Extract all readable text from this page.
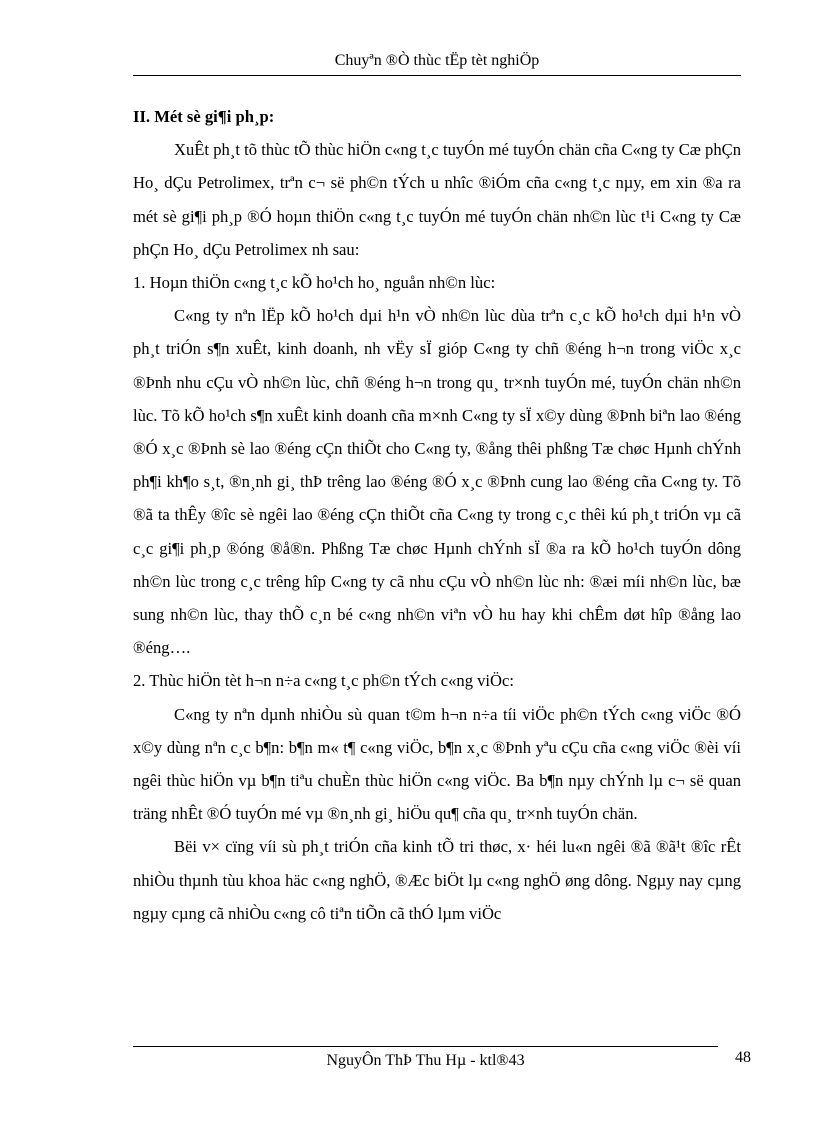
Chuyªn ®Ò thùc tËp tèt nghiÖp

II. Mét sè gi¶i ph¸p:

XuÊt ph¸t tõ thùc tÕ thùc hiÖn c«ng t¸c tuyÓn mé tuyÓn chän cña C«ng ty Cæ phÇn Ho¸ dÇu Petrolimex, trªn c¬ së ph©n tÝch u nhîc ®iÓm cña c«ng t¸c nµy, em xin ®a ra mét sè gi¶i ph¸p ®Ó hoµn thiÖn c«ng t¸c tuyÓn mé tuyÓn chän nh©n lùc t¹i C«ng ty Cæ phÇn Ho¸ dÇu Petrolimex nh sau:

1. Hoµn thiÖn c«ng t¸c kÕ ho¹ch ho¸ nguån nh©n lùc:

C«ng ty nªn lËp kÕ ho¹ch dµi h¹n vÒ nh©n lùc dùa trªn c¸c kÕ ho¹ch dµi h¹n vÒ ph¸t triÓn s¶n xuÊt, kinh doanh, nh vËy sÏ gióp C«ng ty chñ ®éng h¬n trong viÖc x¸c ®Þnh nhu cÇu vÒ nh©n lùc, chñ ®éng h¬n trong qu¸ tr×nh tuyÓn mé, tuyÓn chän nh©n lùc. Tõ kÕ ho¹ch s¶n xuÊt kinh doanh cña m×nh C«ng ty sÏ x©y dùng ®Þnh biªn lao ®éng ®Ó x¸c ®Þnh sè lao ®éng cÇn thiÕt cho C«ng ty, ®ång thêi phßng Tæ chøc Hµnh chÝnh ph¶i kh¶o s¸t, ®n¸nh gi¸ thÞ trêng lao ®éng ®Ó x¸c ®Þnh cung lao ®éng cña C«ng ty. Tõ ®ã ta thÊy ®îc sè ngêi lao ®éng cÇn thiÕt cña C«ng ty trong c¸c thêi kú ph¸t triÓn vµ cã c¸c gi¶i ph¸p ®óng ®å®n. Phßng Tæ chøc Hµnh chÝnh sÏ ®a ra kÕ ho¹ch tuyÓn dông nh©n lùc trong c¸c trêng hîp C«ng ty cã nhu cÇu vÒ nh©n lùc nh: ®æi míi nh©n lùc, bæ sung nh©n lùc, thay thÕ c¸n bé c«ng nh©n viªn vÒ hu hay khi chÊm døt hîp ®ång lao ®éng….

2. Thùc hiÖn tèt h¬n n÷a c«ng t¸c ph©n tÝch c«ng viÖc:

C«ng ty nªn dµnh nhiÒu sù quan t©m h¬n n÷a tíi viÖc ph©n tÝch c«ng viÖc ®Ó x©y dùng nªn c¸c b¶n: b¶n m« t¶ c«ng viÖc, b¶n x¸c ®Þnh yªu cÇu cña c«ng viÖc ®èi víi ngêi thùc hiÖn vµ b¶n tiªu chuÈn thùc hiÖn c«ng viÖc. Ba b¶n nµy chÝnh lµ c¬ së quan träng nhÊt ®Ó tuyÓn mé vµ ®n¸nh gi¸ hiÖu qu¶ cña qu¸ tr×nh tuyÓn chän.

Bëi v× cïng víi sù ph¸t triÓn cña kinh tÕ tri thøc, x· héi lu«n ngêi ®ã ®ã¹t ®îc rÊt nhiÒu thµnh tùu khoa häc c«ng nghÖ, ®Æc biÖt lµ c«ng nghÖ øng dông. Ngµy nay cµng ngµy cµng cã nhiÒu c«ng cô tiªn tiÕn cã thÓ lµm viÖc

NguyÔn ThÞ Thu Hµ - ktl®43	48
